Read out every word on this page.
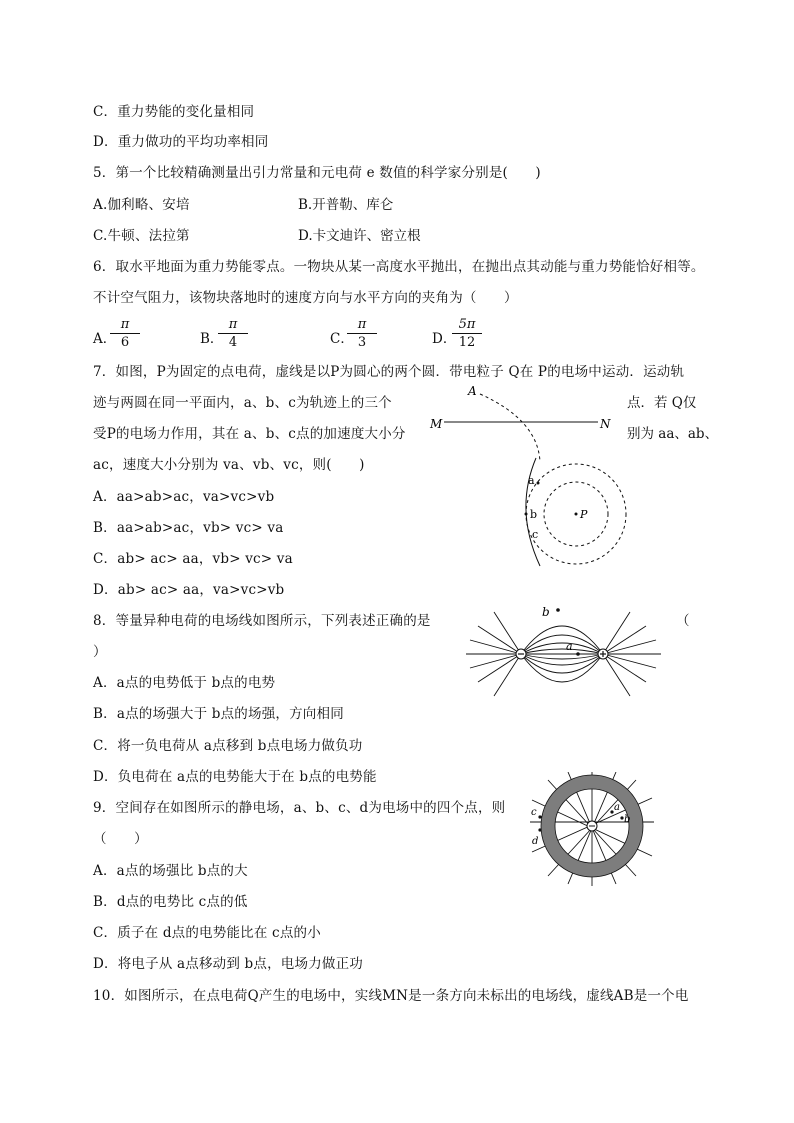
C．重力势能的变化量相同
D．重力做功的平均功率相同
5．第一个比较精确测量出引力常量和元电荷 e 数值的科学家分别是(　　)
A.伽利略、安培	B.开普勒、库仑
C.牛顿、法拉第	D.卡文迪许、密立根
6．取水平地面为重力势能零点。一物块从某一高度水平抛出，在抛出点其动能与重力势能恰好相等。
不计空气阻力，该物块落地时的速度方向与水平方向的夹角为（　　）
A．
$\frac{\pi}{6}$	B．
$\frac{\pi}{4}$	C．
$\frac{\pi}{3}$	D．
$\frac{5\pi}{12}$
7．如图，P为固定的点电荷，虚线是以P为圆心的两个圆．带电粒子 Q在 P的电场中运动．运动轨
迹与两圆在同一平面内，a、b、c为轨迹上的三个	点．若 Q仅
受P的电场力作用，其在 a、b、c点的加速度大小分	别为 aa、ab、
ac，速度大小分别为 va、vb、vc，则(　　)
A．aa>ab>ac，va>vc>vb
B．aa>ab>ac，vb> vc> va
C．ab> ac> aa，vb> vc> va
D．ab> ac> aa，va>vc>vb
8．等量异种电荷的电场线如图所示，下列表述正确的是	（
）
A．a点的电势低于 b点的电势
B．a点的场强大于 b点的场强，方向相同
C．将一负电荷从 a点移到 b点电场力做负功
D．负电荷在 a点的电势能大于在 b点的电势能
9．空间存在如图所示的静电场，a、b、c、d为电场中的四个点，则
（　　）
A．a点的场强比 b点的大
B．d点的电势比 c点的低
C．质子在 d点的电势能比在 c点的小
D．将电子从 a点移动到 b点，电场力做正功
10．如图所示，在点电荷Q产生的电场中，实线MN是一条方向未标出的电场线，虚线AB是一个电
M	N
A
P
a
b
c
b
a
a
b
c
d
